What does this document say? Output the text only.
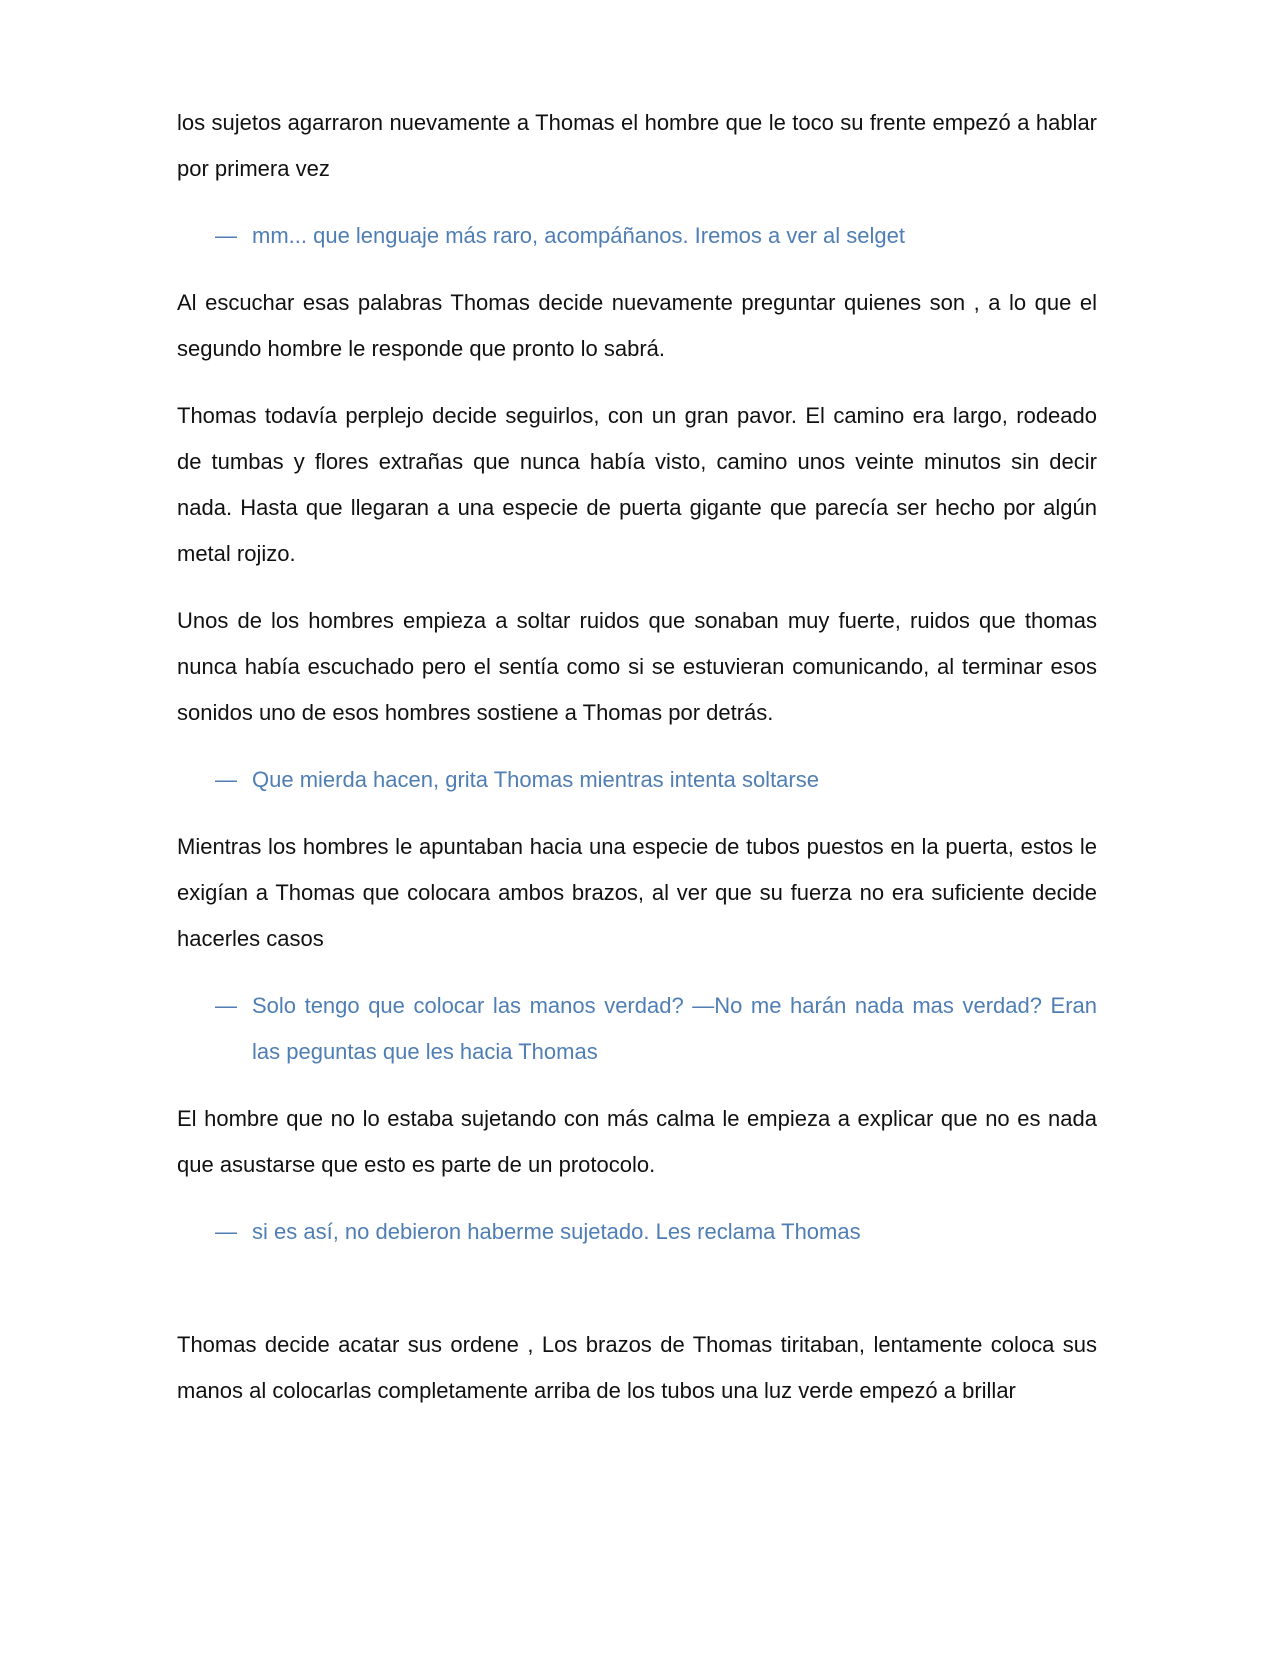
los sujetos agarraron nuevamente a Thomas el hombre que le toco su frente empezó a hablar por primera vez

— mm... que lenguaje más raro, acompáñanos. Iremos a ver al selget

Al escuchar esas palabras Thomas decide nuevamente preguntar quienes son , a lo que el segundo hombre le responde que pronto lo sabrá.

Thomas todavía perplejo decide seguirlos, con un gran pavor. El camino era largo, rodeado de tumbas y flores extrañas que nunca había visto, camino unos veinte minutos sin decir nada. Hasta que llegaran a una especie de puerta gigante que parecía ser hecho por algún metal rojizo.

Unos de los hombres empieza a soltar ruidos que sonaban muy fuerte, ruidos que thomas nunca había escuchado pero el sentía como si se estuvieran comunicando, al terminar esos sonidos uno de esos hombres sostiene a Thomas por detrás.

— Que mierda hacen, grita Thomas mientras intenta soltarse

Mientras los hombres le apuntaban hacia una especie de tubos puestos en la puerta, estos le exigían a Thomas que colocara ambos brazos, al ver que su fuerza no era suficiente decide hacerles casos

— Solo tengo que colocar las manos verdad? —No me harán nada mas verdad? Eran las peguntas que les hacia Thomas

El hombre que no lo estaba sujetando con más calma le empieza a explicar que no es nada que asustarse que esto es parte de un protocolo.

— si es así, no debieron haberme sujetado. Les reclama Thomas

Thomas decide acatar sus ordene , Los brazos de Thomas tiritaban, lentamente coloca sus manos al colocarlas completamente arriba de los tubos una luz verde empezó a brillar
